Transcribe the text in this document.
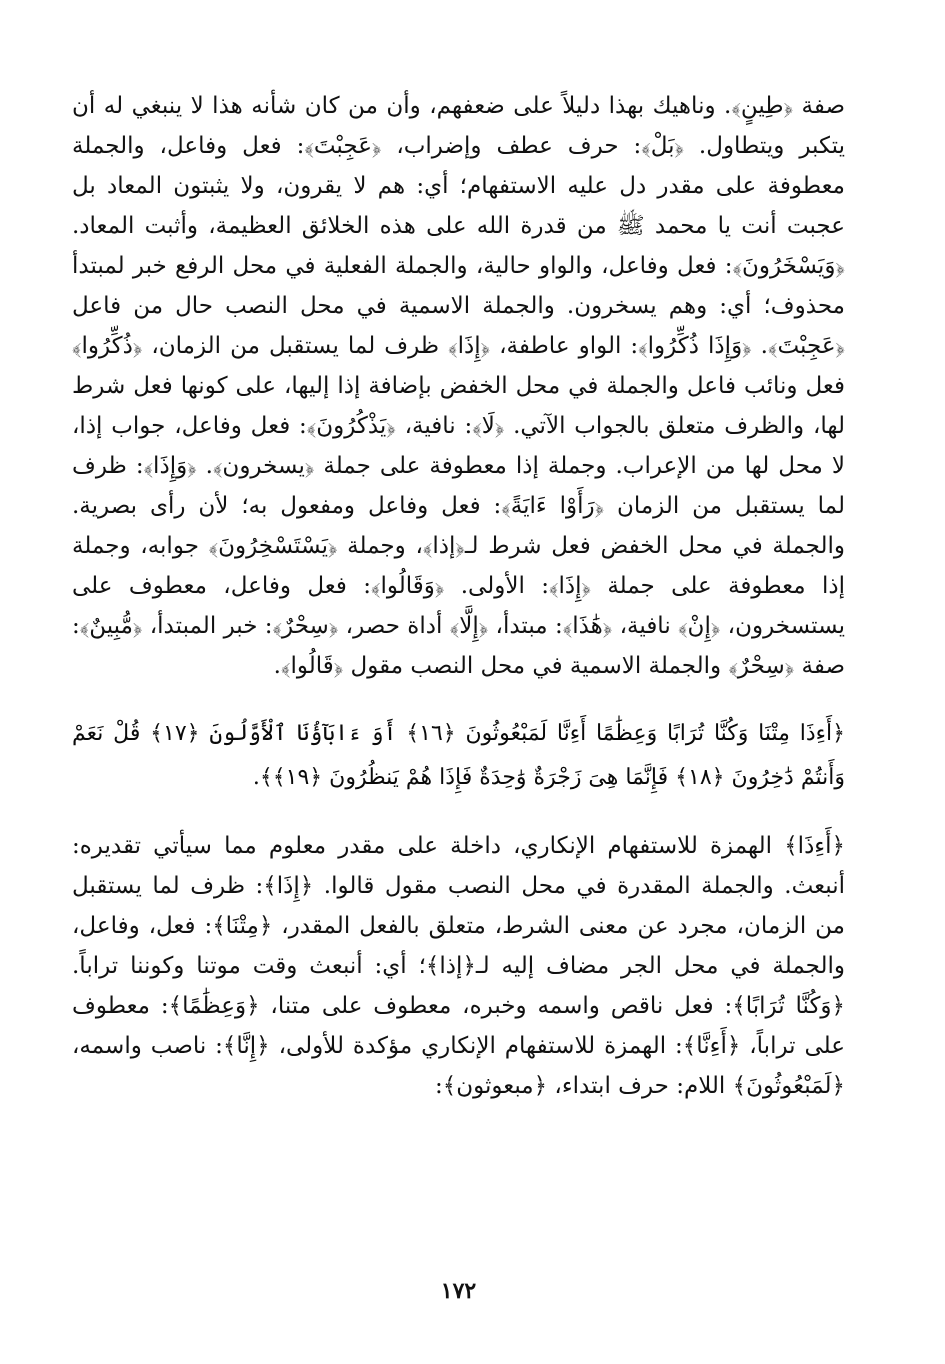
صفة ﴿طِينٍ﴾. وناهيك بهذا دليلاً على ضعفهم، وأن من كان شأنه هذا لا ينبغي له أن يتكبر ويتطاول. ﴿بَلْ﴾: حرف عطف وإضراب، ﴿عَجِبْتَ﴾: فعل وفاعل، والجملة معطوفة على مقدر دل عليه الاستفهام؛ أي: هم لا يقرون، ولا يثبتون المعاد بل عجبت أنت يا محمد ﷺ من قدرة الله على هذه الخلائق العظيمة، وأثبت المعاد. ﴿وَيَسْخَرُونَ﴾: فعل وفاعل، والواو حالية، والجملة الفعلية في محل الرفع خبر لمبتدأ محذوف؛ أي: وهم يسخرون. والجملة الاسمية في محل النصب حال من فاعل ﴿عَجِبْتَ﴾. ﴿وَإِذَا ذُكِّرُوا﴾: الواو عاطفة، ﴿إِذَا﴾ ظرف لما يستقبل من الزمان، ﴿ذُكِّرُوا﴾ فعل ونائب فاعل والجملة في محل الخفض بإضافة إذا إليها، على كونها فعل شرط لها، والظرف متعلق بالجواب الآتي. ﴿لَا﴾: نافية، ﴿يَذْكُرُونَ﴾: فعل وفاعل، جواب إذا، لا محل لها من الإعراب. وجملة إذا معطوفة على جملة ﴿يسخرون﴾. ﴿وَإِذَا﴾: ظرف لما يستقبل من الزمان ﴿رَأَوْا ءَايَةً﴾: فعل وفاعل ومفعول به؛ لأن رأى بصرية. والجملة في محل الخفض فعل شرط لـ﴿إذا﴾، وجملة ﴿يَسْتَسْخِرُونَ﴾ جوابه، وجملة إذا معطوفة على جملة ﴿إِذَا﴾: الأولى. ﴿وَقَالُوا﴾: فعل وفاعل، معطوف على يستسخرون، ﴿إِنْ﴾ نافية، ﴿هَٰذَا﴾: مبتدأ، ﴿إِلَّا﴾ أداة حصر، ﴿سِحْرٌ﴾: خبر المبتدأ، ﴿مُّبِينٌ﴾: صفة ﴿سِحْرٌ﴾ والجملة الاسمية في محل النصب مقول ﴿قَالُوا﴾.

﴿أَءِذَا مِتْنَا وَكُنَّا تُرَابًا وَعِظَٰمًا أَءِنَّا لَمَبْعُوثُونَ ﴿١٦﴾ أَوَ ءَابَآؤُنَا ٱلْأَوَّلُونَ ﴿١٧﴾ قُلْ نَعَمْ وَأَنتُمْ دَٰخِرُونَ ﴿١٨﴾ فَإِنَّمَا هِىَ زَجْرَةٌ وَٰحِدَةٌ فَإِذَا هُمْ يَنظُرُونَ ﴿١٩﴾﴾.

﴿أَءِذَا﴾ الهمزة للاستفهام الإنكاري، داخلة على مقدر معلوم مما سيأتي تقديره: أنبعث. والجملة المقدرة في محل النصب مقول قالوا. ﴿إِذَا﴾: ظرف لما يستقبل من الزمان، مجرد عن معنى الشرط، متعلق بالفعل المقدر، ﴿مِتْنَا﴾: فعل، وفاعل، والجملة في محل الجر مضاف إليه لـ﴿إذا﴾؛ أي: أنبعث وقت موتنا وكوننا تراباً. ﴿وَكُنَّا تُرَابًا﴾: فعل ناقص واسمه وخبره، معطوف على متنا، ﴿وَعِظَٰمًا﴾: معطوف على تراباً، ﴿أَءِنَّا﴾: الهمزة للاستفهام الإنكاري مؤكدة للأولى، ﴿إِنَّا﴾: ناصب واسمه، ﴿لَمَبْعُوثُونَ﴾ اللام: حرف ابتداء، ﴿مبعوثون﴾:

١٧٢
